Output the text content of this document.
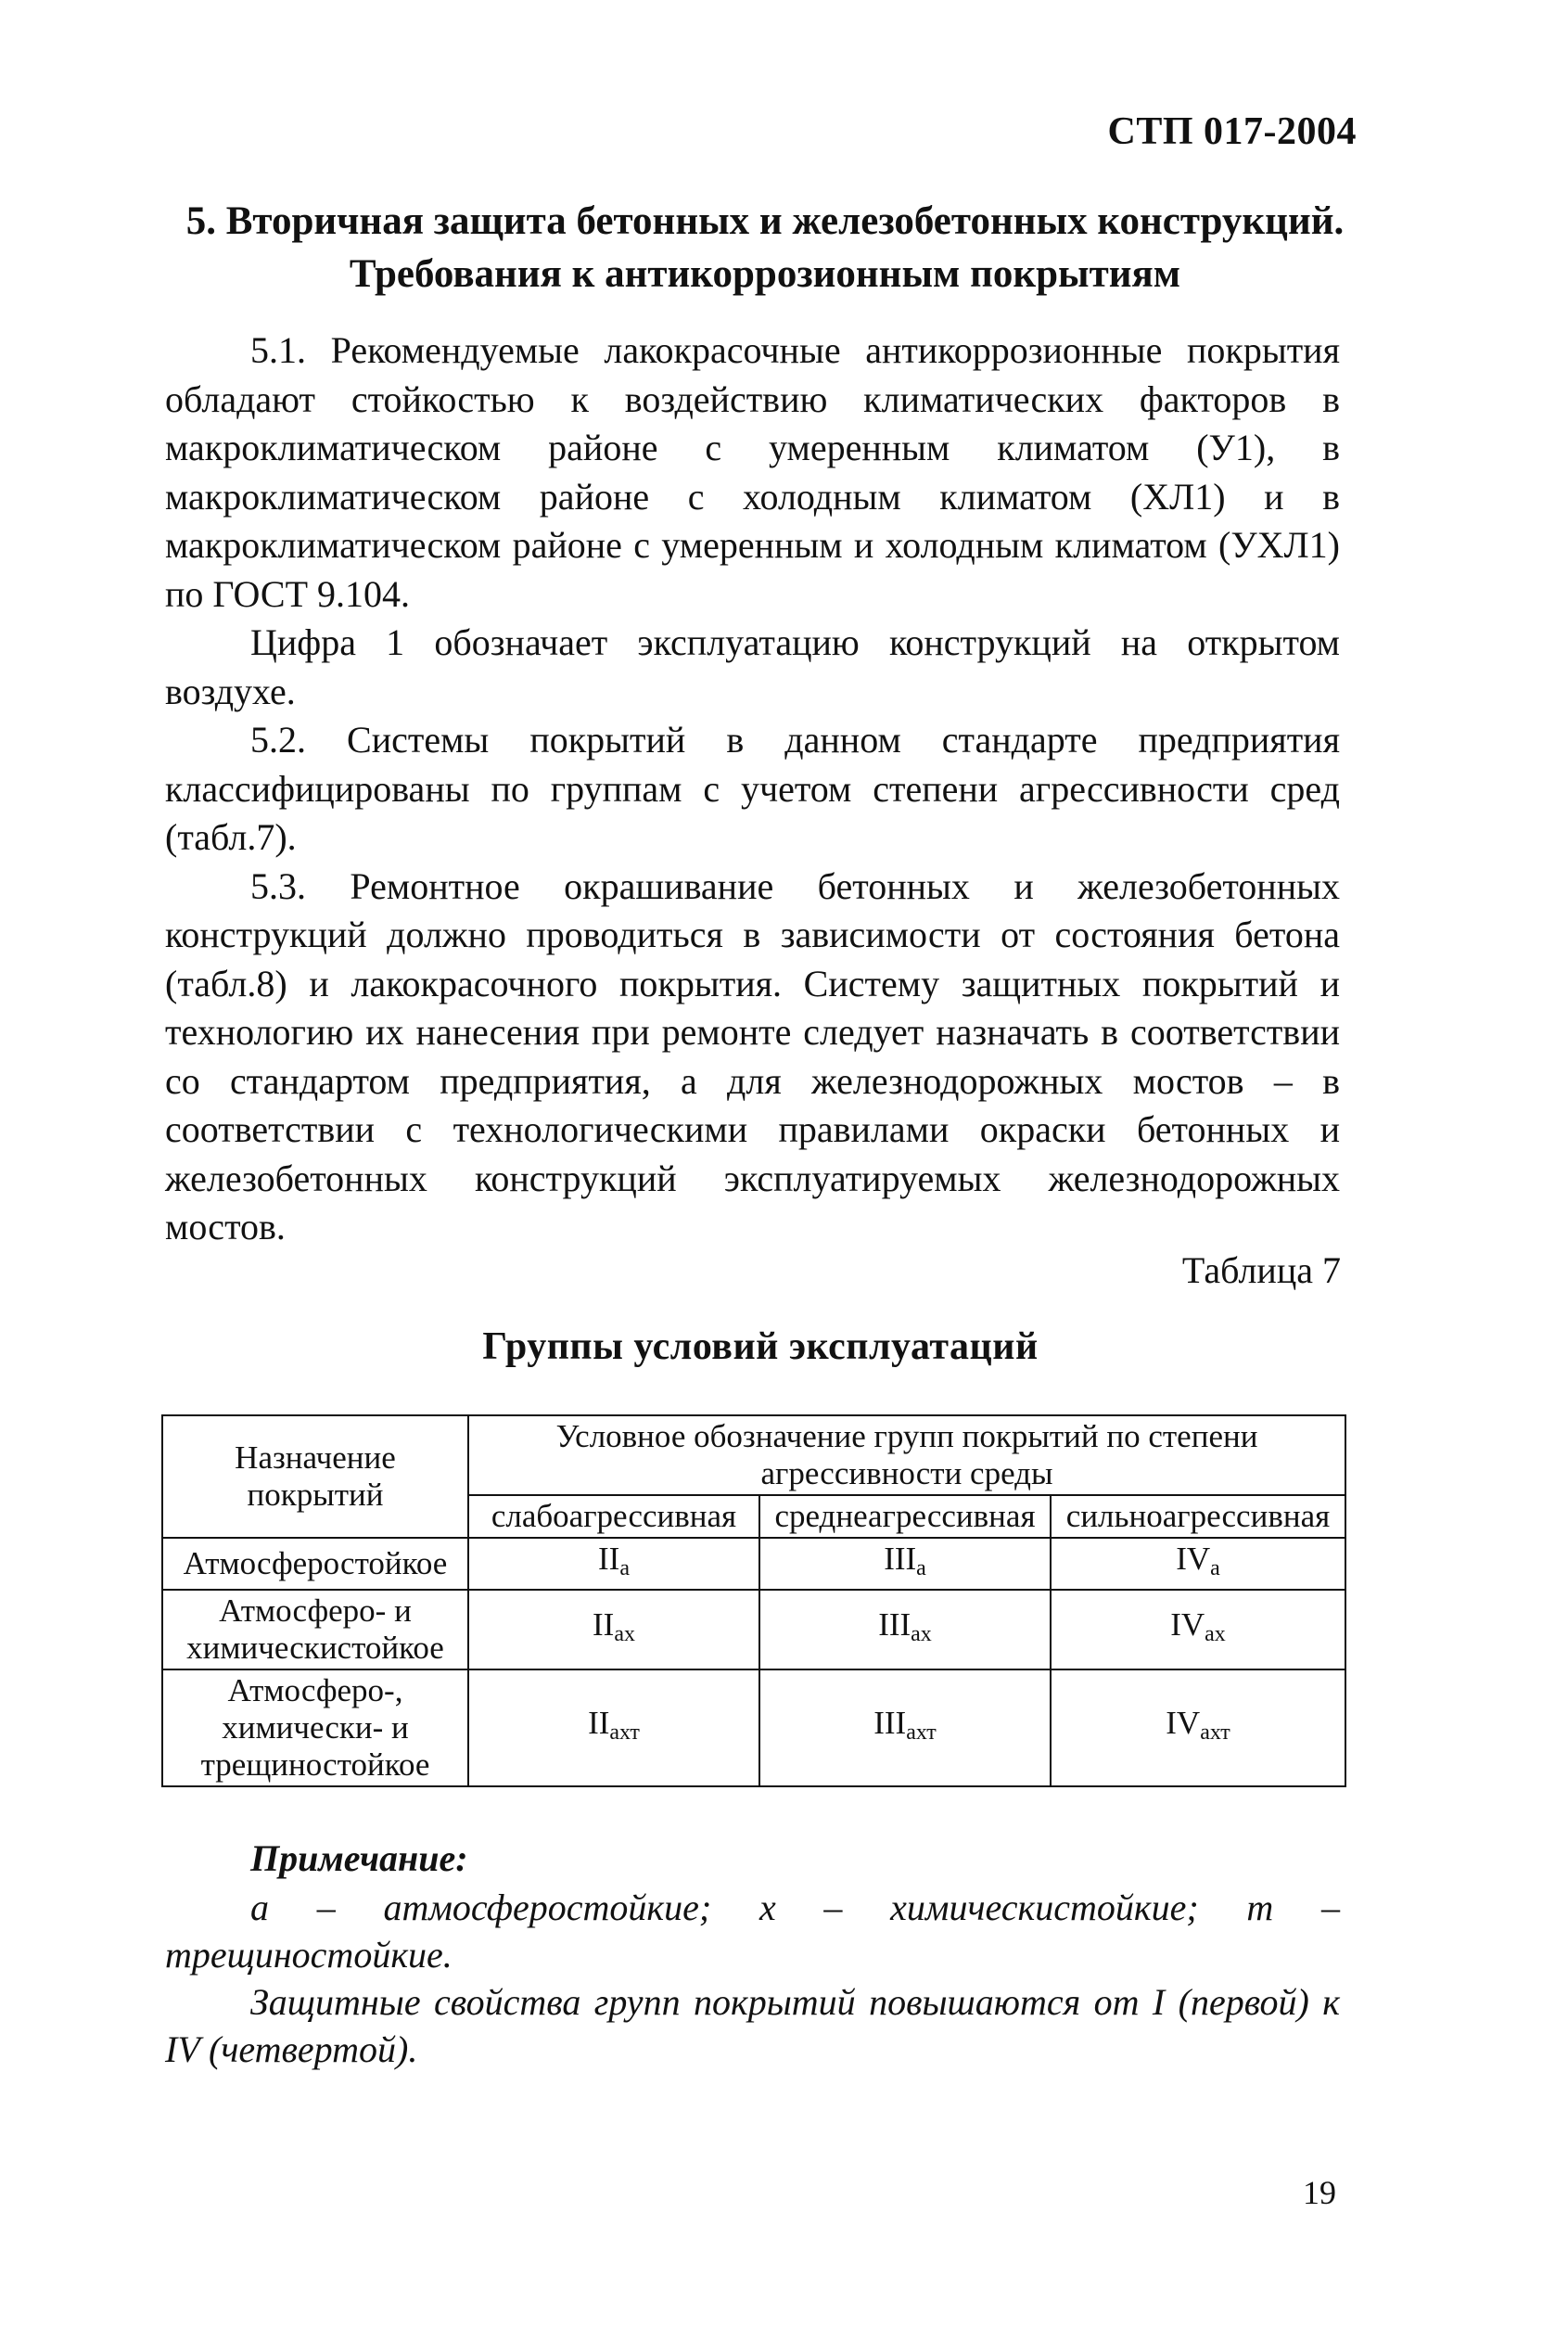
СТП 017-2004
5. Вторичная защита бетонных и железобетонных конструкций.
Требования к антикоррозионным покрытиям

5.1. Рекомендуемые лакокрасочные антикоррозионные покрытия обладают стойкостью к воздействию климатических факторов в макроклиматическом районе с умеренным климатом (У1), в макроклиматическом районе с холодным климатом (ХЛ1) и в макроклиматическом районе с умеренным и холодным климатом (УХЛ1) по ГОСТ 9.104.

Цифра 1 обозначает эксплуатацию конструкций на открытом воздухе.

5.2. Системы покрытий в данном стандарте предприятия классифицированы по группам с учетом степени агрессивности сред (табл.7).

5.3. Ремонтное окрашивание бетонных и железобетонных конструкций должно проводиться в зависимости от состояния бетона (табл.8) и лакокрасочного покрытия. Систему защитных покрытий и технологию их нанесения при ремонте следует назначать в соответствии со стандартом предприятия, а для железнодорожных мостов – в соответствии с технологическими правилами окраски бетонных и железобетонных конструкций эксплуатируемых железнодорожных мостов.

Таблица 7
Группы условий эксплуатаций
Назначение покрытий	Условное обозначение групп покрытий по степени агрессивности среды		
	слабоагрессивная	среднеагрессивная	сильноагрессивная
Атмосферостойкое	$II_а$	$III_а$	$IV_а$
Атмосферо- и химическистойкое	$II_{ах}$	$III_{ах}$	$IV_{ах}$
Атмосферо-, химически- и трещиностойкое	$II_{ахт}$	$III_{ахт}$	$IV_{ахт}$
Примечание:

а – атмосферостойкие; х – химическистойкие; т – трещиностойкие.

Защитные свойства групп покрытий повышаются от I (первой) к IV (четвертой).

19
